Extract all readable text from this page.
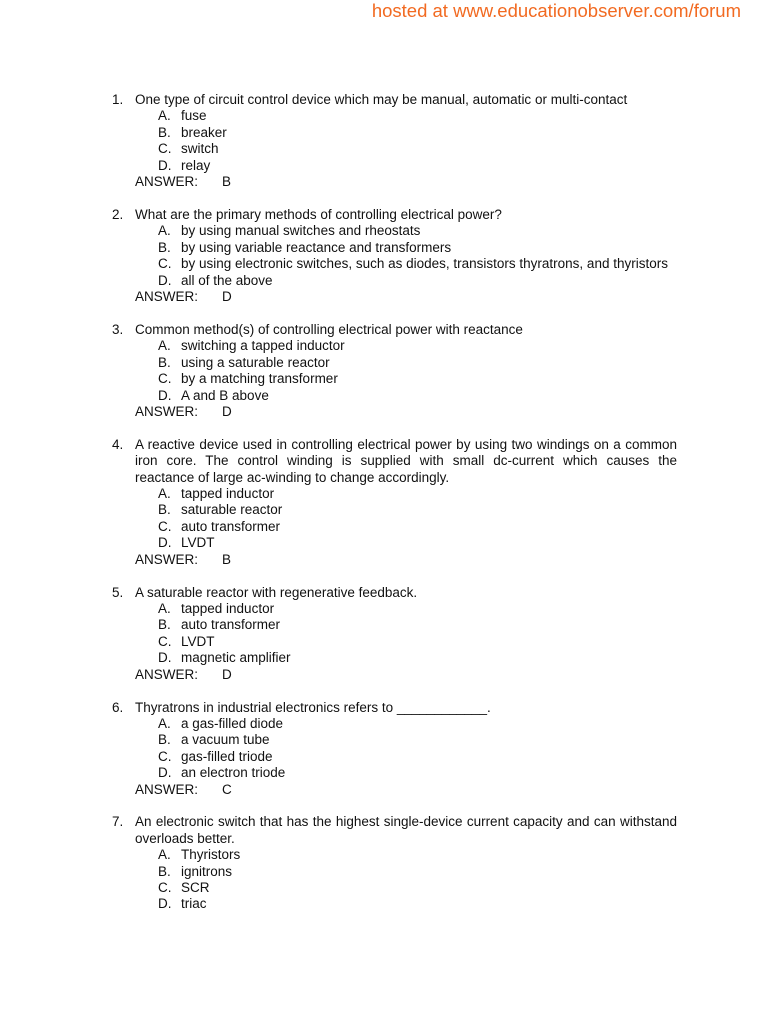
hosted at www.educationobserver.com/forum
1. One type of circuit control device which may be manual, automatic or multi-contact
A. fuse
B. breaker
C. switch
D. relay
ANSWER: B
2. What are the primary methods of controlling electrical power?
A. by using manual switches and rheostats
B. by using variable reactance and transformers
C. by using electronic switches, such as diodes, transistors thyratrons, and thyristors
D. all of the above
ANSWER: D
3. Common method(s) of controlling electrical power with reactance
A. switching a tapped inductor
B. using a saturable reactor
C. by a matching transformer
D. A and B above
ANSWER: D
4. A reactive device used in controlling electrical power by using two windings on a common iron core. The control winding is supplied with small dc-current which causes the reactance of large ac-winding to change accordingly.
A. tapped inductor
B. saturable reactor
C. auto transformer
D. LVDT
ANSWER: B
5. A saturable reactor with regenerative feedback.
A. tapped inductor
B. auto transformer
C. LVDT
D. magnetic amplifier
ANSWER: D
6. Thyratrons in industrial electronics refers to ____________.
A. a gas-filled diode
B. a vacuum tube
C. gas-filled triode
D. an electron triode
ANSWER: C
7. An electronic switch that has the highest single-device current capacity and can withstand overloads better.
A. Thyristors
B. ignitrons
C. SCR
D. triac
